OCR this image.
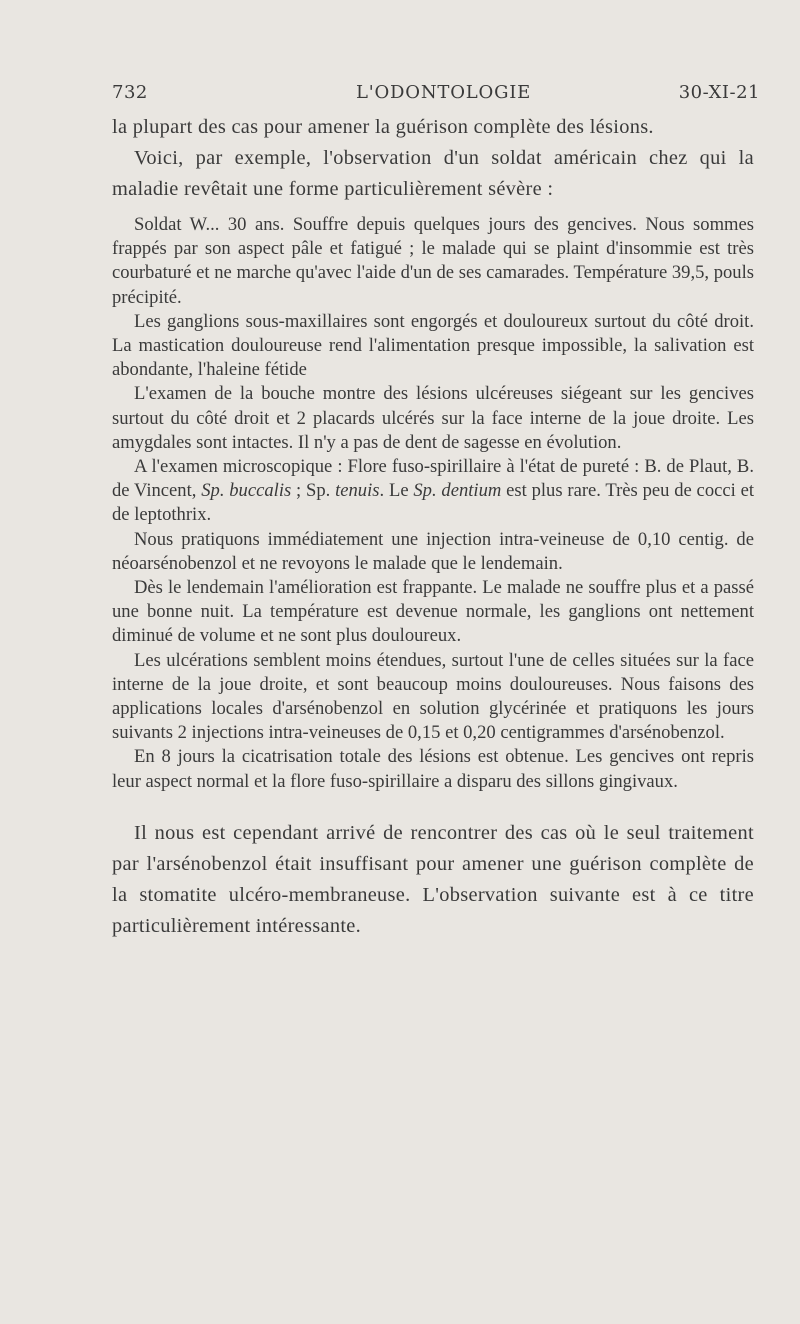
732	L'ODONTOLOGIE	30-XI-21

la plupart des cas pour amener la guérison complète des lésions.

Voici, par exemple, l'observation d'un soldat américain chez qui la maladie revêtait une forme particulièrement sévère :

Soldat W... 30 ans. Souffre depuis quelques jours des gencives. Nous sommes frappés par son aspect pâle et fatigué ; le malade qui se plaint d'insommie est très courbaturé et ne marche qu'avec l'aide d'un de ses camarades. Température 39,5, pouls précipité.

Les ganglions sous-maxillaires sont engorgés et douloureux surtout du côté droit. La mastication douloureuse rend l'alimentation presque impossible, la salivation est abondante, l'haleine fétide

L'examen de la bouche montre des lésions ulcéreuses siégeant sur les gencives surtout du côté droit et 2 placards ulcérés sur la face interne de la joue droite. Les amygdales sont intactes. Il n'y a pas de dent de sagesse en évolution.

A l'examen microscopique : Flore fuso-spirillaire à l'état de pureté : B. de Plaut, B. de Vincent, Sp. buccalis ; Sp. tenuis. Le Sp. dentium est plus rare. Très peu de cocci et de leptothrix.

Nous pratiquons immédiatement une injection intra-veineuse de 0,10 centig. de néoarsénobenzol et ne revoyons le malade que le lendemain.

Dès le lendemain l'amélioration est frappante. Le malade ne souffre plus et a passé une bonne nuit. La température est devenue normale, les ganglions ont nettement diminué de volume et ne sont plus douloureux.

Les ulcérations semblent moins étendues, surtout l'une de celles situées sur la face interne de la joue droite, et sont beaucoup moins douloureuses. Nous faisons des applications locales d'arsénobenzol en solution glycérinée et pratiquons les jours suivants 2 injections intra-veineuses de 0,15 et 0,20 centigrammes d'arsénobenzol.

En 8 jours la cicatrisation totale des lésions est obtenue. Les gencives ont repris leur aspect normal et la flore fuso-spirillaire a disparu des sillons gingivaux.

Il nous est cependant arrivé de rencontrer des cas où le seul traitement par l'arsénobenzol était insuffisant pour amener une guérison complète de la stomatite ulcéro-membraneuse. L'observation suivante est à ce titre particulièrement intéressante.
